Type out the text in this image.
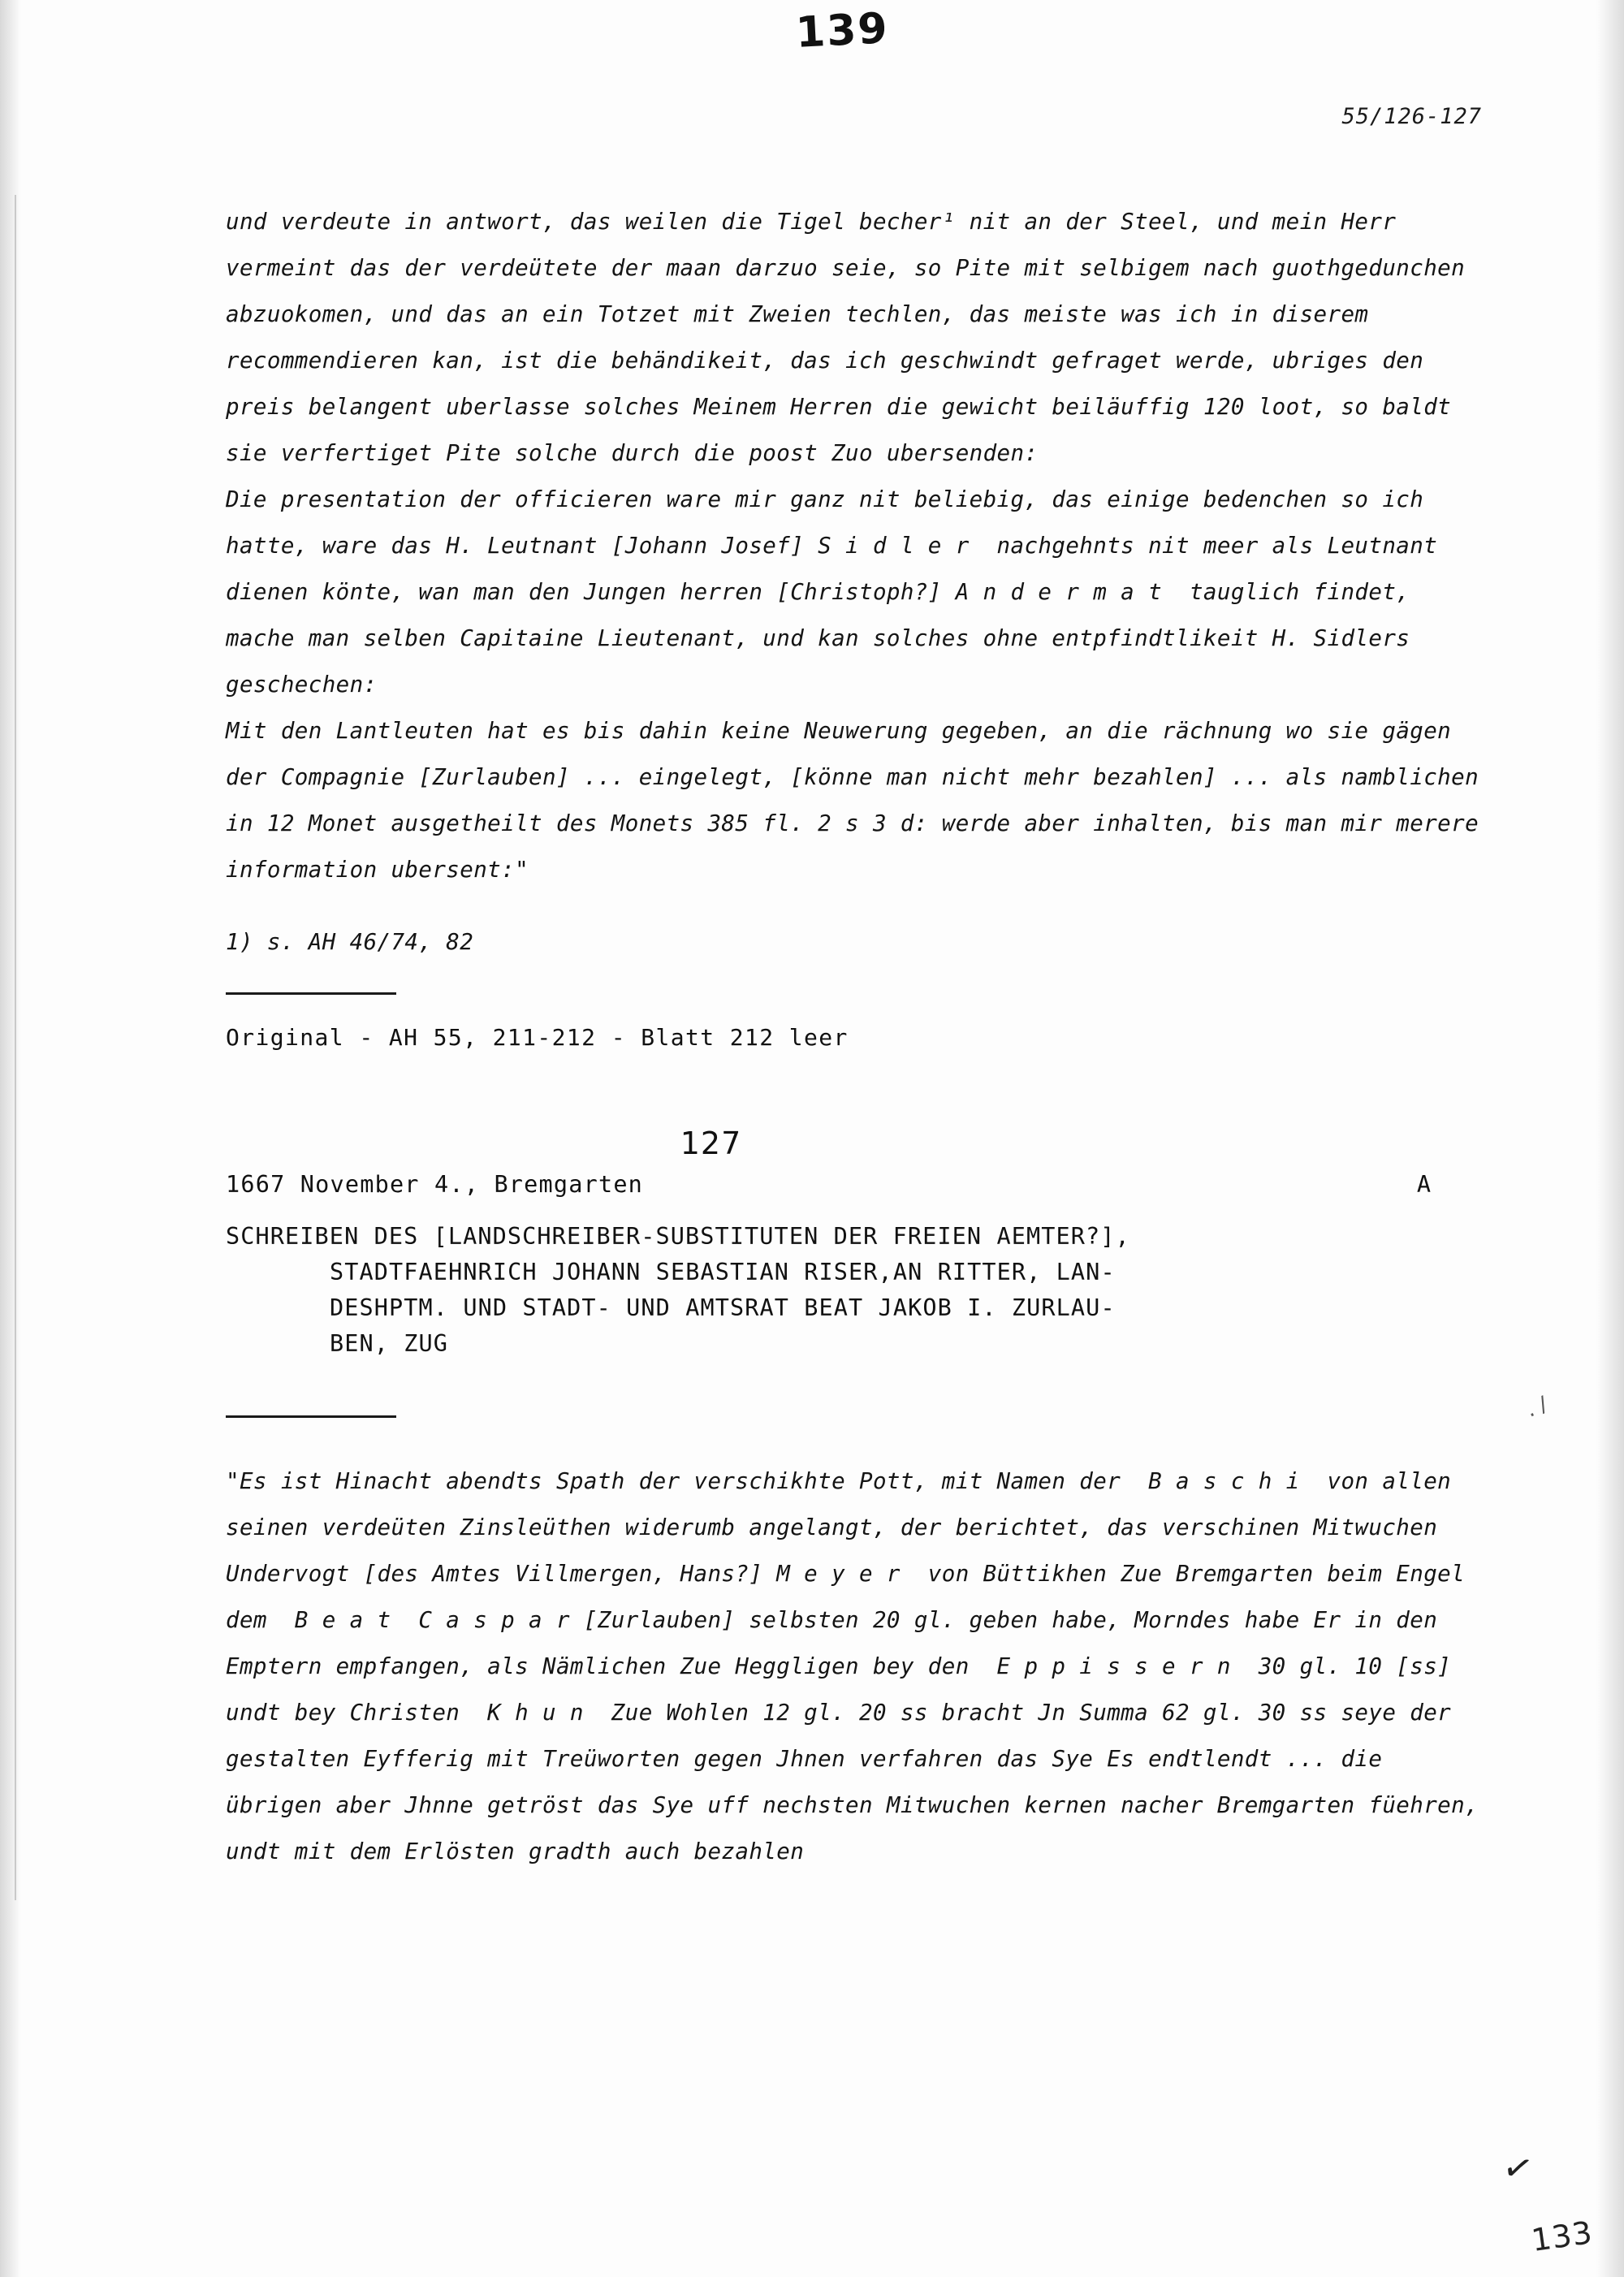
139
55/126-127
und verdeute in antwort, das weilen die Tigel becher¹ nit an der Steel, und mein Herr vermeint das der verdeütete der maan darzuo seie, so Pite mit selbigem nach guothgedunchen abzuokomen, und das an ein Totzet mit Zweien techlen, das meiste was ich in diserem recommendieren kan, ist die behändikeit, das ich geschwindt gefraget werde, ubriges den preis belangent uberlasse solches Meinem Herren die gewicht beiläuffig 120 loot, so baldt sie verfertiget Pite solche durch die poost Zuo ubersenden:
Die presentation der officieren ware mir ganz nit beliebig, das einige bedenchen so ich hatte, ware das H. Leutnant [Johann Josef] S i d l e r  nachgehnts nit meer als Leutnant dienen könte, wan man den Jungen herren [Christoph?] A n d e r m a t  tauglich findet, mache man selben Capitaine Lieutenant, und kan solches ohne entpfindtlikeit H. Sidlers geschechen:
Mit den Lantleuten hat es bis dahin keine Neuwerung gegeben, an die rächnung wo sie gägen der Compagnie [Zurlauben] ... eingelegt, [könne man nicht mehr bezahlen] ... als namblichen in 12 Monet ausgetheilt des Monets 385 fl. 2 s 3 d: werde aber inhalten, bis man mir merere information ubersent:"
1) s. AH 46/74, 82
Original - AH 55, 211-212 - Blatt 212 leer
127
1667 November 4., Bremgarten	A
SCHREIBEN DES [LANDSCHREIBER-SUBSTITUTEN DER FREIEN AEMTER?],
STADTFAEHNRICH JOHANN SEBASTIAN RISER,AN RITTER, LAN-
DESHPTM. UND STADT- UND AMTSRAT BEAT JAKOB I. ZURLAU-
BEN, ZUG
"Es ist Hinacht abendts Spath der verschikhte Pott, mit Namen der  B a s c h i  von allen seinen verdeüten Zinsleüthen widerumb angelangt, der berichtet, das verschinen Mitwuchen Undervogt [des Amtes Villmergen, Hans?] M e y e r  von Büttikhen Zue Bremgarten beim Engel dem  B e a t  C a s p a r [Zurlauben] selbsten 20 gl. geben habe, Morndes habe Er in den Emptern empfangen, als Nämlichen Zue Heggligen bey den  E p p i s s e r n  30 gl. 10 [ss] undt bey Christen  K h u n  Zue Wohlen 12 gl. 20 ss bracht Jn Summa 62 gl. 30 ss seye der gestalten Eyfferig mit Treüworten gegen Jhnen verfahren das Sye Es endtlendt ... die übrigen aber Jhnne getröst das Sye uff nechsten Mitwuchen kernen nacher Bremgarten füehren, undt mit dem Erlösten gradth auch bezahlen
. /
✓
133
